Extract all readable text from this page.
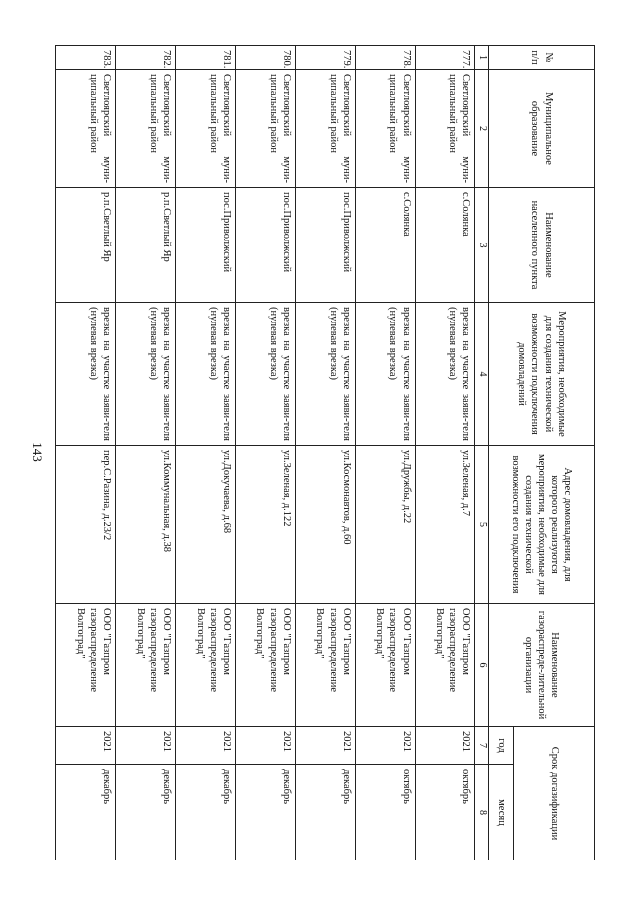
143
№
п/п	Муниципальное образование	Наименование населенного пункта	Мероприятия, необходимые для создания технической возможности подключения домовладений	Адрес домовладения, для которого реализуются мероприятия, необходимые для создания технической возможности его подключения	Наименование газораспреде-лительной организации	Срок догазификации	
						год	месяц
1	2	3	4	5	6	7	8
777.	Светлоярский муни-ципальный район	с.Солянка	врезка на участке заяви-теля (нулевая врезка)	ул.Зеленая, д.7	ООО "Газпром газораспределение Волгоград"	2021	октябрь
778.	Светлоярский муни-ципальный район	с.Солянка	врезка на участке заяви-теля (нулевая врезка)	ул.Дружбы, д.22	ООО "Газпром газораспределение Волгоград"	2021	октябрь
779.	Светлоярский муни-ципальный район	пос.Приволжский	врезка на участке заяви-теля (нулевая врезка)	ул.Космонавтов, д.60	ООО "Газпром газораспределение Волгоград"	2021	декабрь
780.	Светлоярский муни-ципальный район	пос.Приволжский	врезка на участке заяви-теля (нулевая врезка)	ул.Зеленая, д.122	ООО "Газпром газораспределение Волгоград"	2021	декабрь
781.	Светлоярский муни-ципальный район	пос.Приволжский	врезка на участке заяви-теля (нулевая врезка)	ул.Докучаева, д.68	ООО "Газпром газораспределение Волгоград"	2021	декабрь
782.	Светлоярский муни-ципальный район	р.п.Светлый Яр	врезка на участке заяви-теля (нулевая врезка)	ул.Коммунальная, д.38	ООО "Газпром газораспределение Волгоград"	2021	декабрь
783.	Светлоярский муни-ципальный район	р.п.Светлый Яр	врезка на участке заяви-теля (нулевая врезка)	пер.С.Разина, д.23/2	ООО "Газпром газораспределение Волгоград"	2021	декабрь
